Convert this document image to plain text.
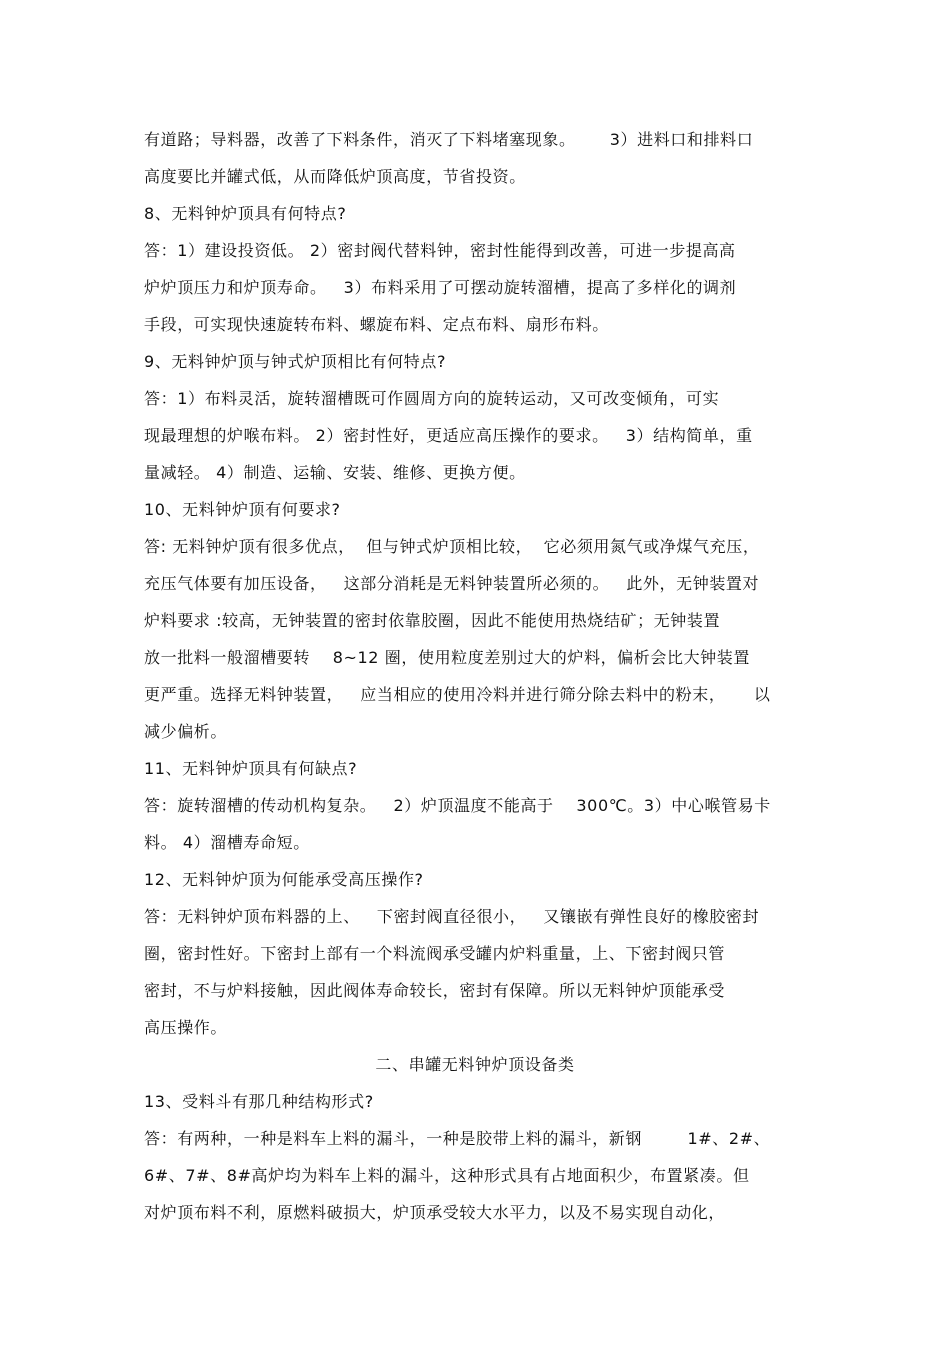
有道路；导料器，改善了下料条件，消灭了下料堵塞现象。      3）进料口和排料口
高度要比并罐式低，从而降低炉顶高度，节省投资。
8、无料钟炉顶具有何特点?
答：1）建设投资低。 2）密封阀代替料钟，密封性能得到改善，可进一步提高高
炉炉顶压力和炉顶寿命。   3）布料采用了可摆动旋转溜槽，提高了多样化的调剂
手段，可实现快速旋转布料、螺旋布料、定点布料、扇形布料。
9、无料钟炉顶与钟式炉顶相比有何特点?
答：1）布料灵活，旋转溜槽既可作圆周方向的旋转运动，又可改变倾角，可实
现最理想的炉喉布料。 2）密封性好，更适应高压操作的要求。   3）结构简单，重
量减轻。 4）制造、运输、安装、维修、更换方便。
10、无料钟炉顶有何要求?
答: 无料钟炉顶有很多优点，  但与钟式炉顶相比较，  它必须用氮气或净煤气充压，
充压气体要有加压设备，   这部分消耗是无料钟装置所必须的。   此外，无钟装置对
炉料要求 :较高，无钟装置的密封依靠胶圈，因此不能使用热烧结矿；无钟装置
放一批料一般溜槽要转    8~12 圈，使用粒度差别过大的炉料，偏析会比大钟装置
更严重。选择无料钟装置，   应当相应的使用冷料并进行筛分除去料中的粉末，     以
减少偏析。
11、无料钟炉顶具有何缺点?
答：旋转溜槽的传动机构复杂。   2）炉顶温度不能高于    300℃。3）中心喉管易卡
料。 4）溜槽寿命短。
12、无料钟炉顶为何能承受高压操作?
答：无料钟炉顶布料器的上、   下密封阀直径很小，   又镶嵌有弹性良好的橡胶密封
圈，密封性好。下密封上部有一个料流阀承受罐内炉料重量，上、下密封阀只管
密封，不与炉料接触，因此阀体寿命较长，密封有保障。所以无料钟炉顶能承受
高压操作。
二、串罐无料钟炉顶设备类
13、受料斗有那几种结构形式?
答：有两种，一种是料车上料的漏斗，一种是胶带上料的漏斗，新钢        1#、2#、
6#、7#、8#高炉均为料车上料的漏斗，这种形式具有占地面积少，布置紧凑。但
对炉顶布料不利，原燃料破损大，炉顶承受较大水平力，以及不易实现自动化，
